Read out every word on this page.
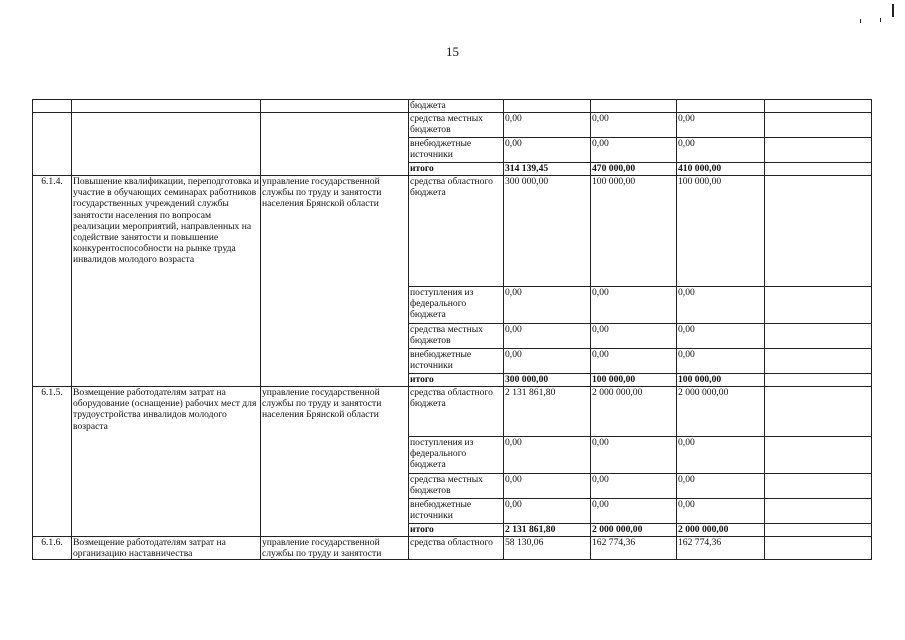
15
			бюджета				
			средства местных бюджетов	0,00	0,00	0,00	
			внебюджетные источники	0,00	0,00	0,00	
			итого	314 139,45	470 000,00	410 000,00	
6.1.4.	Повышение квалификации, переподготовка и участие в обучающих семинарах работников государственных учреждений службы занятости населения по вопросам реализации мероприятий, направленных на содействие занятости и повышение конкурентоспособности на рынке труда инвалидов молодого возраста	управление государственной службы по труду и занятости населения Брянской области	средства областного бюджета	300 000,00	100 000,00	100 000,00	
			поступления из федерального бюджета	0,00	0,00	0,00	
			средства местных бюджетов	0,00	0,00	0,00	
			внебюджетные источники	0,00	0,00	0,00	
			итого	300 000,00	100 000,00	100 000,00	
6.1.5.	Возмещение работодателям затрат на оборудование (оснащение) рабочих мест для трудоустройства инвалидов молодого возраста	управление государственной службы по труду и занятости населения Брянской области	средства областного бюджета	2 131 861,80	2 000 000,00	2 000 000,00	
			поступления из федерального бюджета	0,00	0,00	0,00	
			средства местных бюджетов	0,00	0,00	0,00	
			внебюджетные источники	0,00	0,00	0,00	
			итого	2 131 861,80	2 000 000,00	2 000 000,00	
6.1.6.	Возмещение работодателям затрат на организацию наставничества	управление государственной службы по труду и занятости	средства областного	58 130,06	162 774,36	162 774,36	
